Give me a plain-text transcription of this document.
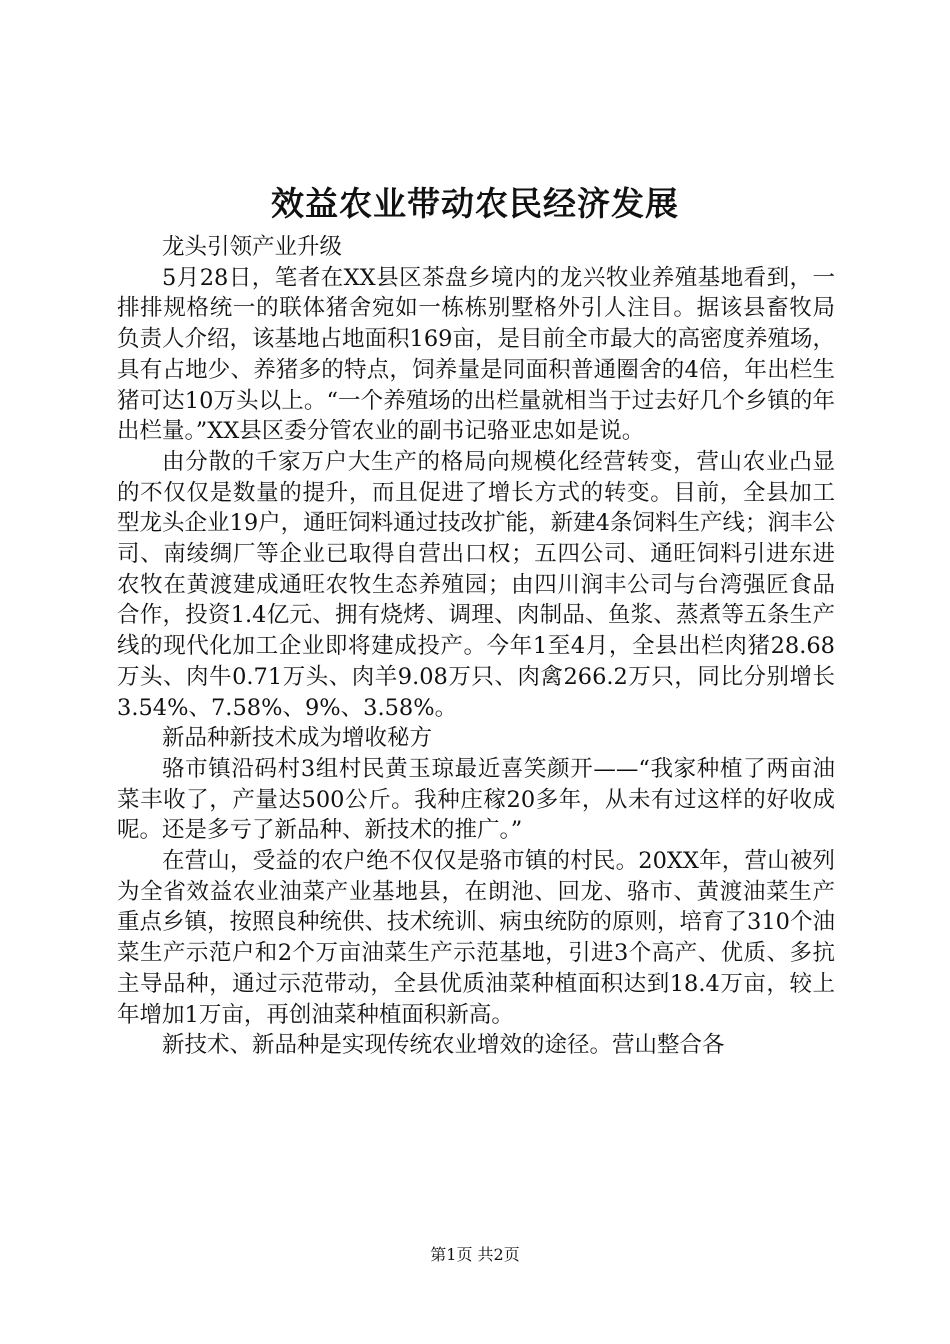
效益农业带动农民经济发展

龙头引领产业升级

5月28日，笔者在XX县区茶盘乡境内的龙兴牧业养殖基地看到，一排排规格统一的联体猪舍宛如一栋栋别墅格外引人注目。据该县畜牧局负责人介绍，该基地占地面积169亩，是目前全市最大的高密度养殖场，具有占地少、养猪多的特点，饲养量是同面积普通圈舍的4倍，年出栏生猪可达10万头以上。“一个养殖场的出栏量就相当于过去好几个乡镇的年出栏量。”XX县区委分管农业的副书记骆亚忠如是说。

由分散的千家万户大生产的格局向规模化经营转变，营山农业凸显的不仅仅是数量的提升，而且促进了增长方式的转变。目前，全县加工型龙头企业19户，通旺饲料通过技改扩能，新建4条饲料生产线；润丰公司、南绫绸厂等企业已取得自营出口权；五四公司、通旺饲料引进东进农牧在黄渡建成通旺农牧生态养殖园；由四川润丰公司与台湾强匠食品合作，投资1.4亿元、拥有烧烤、调理、肉制品、鱼浆、蒸煮等五条生产线的现代化加工企业即将建成投产。今年1至4月，全县出栏肉猪28.68万头、肉牛0.71万头、肉羊9.08万只、肉禽266.2万只，同比分别增长3.54%、7.58%、9%、3.58%。

新品种新技术成为增收秘方

骆市镇沿码村3组村民黄玉琼最近喜笑颜开——“我家种植了两亩油菜丰收了，产量达500公斤。我种庄稼20多年，从未有过这样的好收成呢。还是多亏了新品种、新技术的推广。”

在营山，受益的农户绝不仅仅是骆市镇的村民。20XX年，营山被列为全省效益农业油菜产业基地县，在朗池、回龙、骆市、黄渡油菜生产重点乡镇，按照良种统供、技术统训、病虫统防的原则，培育了310个油菜生产示范户和2个万亩油菜生产示范基地，引进3个高产、优质、多抗主导品种，通过示范带动，全县优质油菜种植面积达到18.4万亩，较上年增加1万亩，再创油菜种植面积新高。

新技术、新品种是实现传统农业增效的途径。营山整合各

第1页 共2页
